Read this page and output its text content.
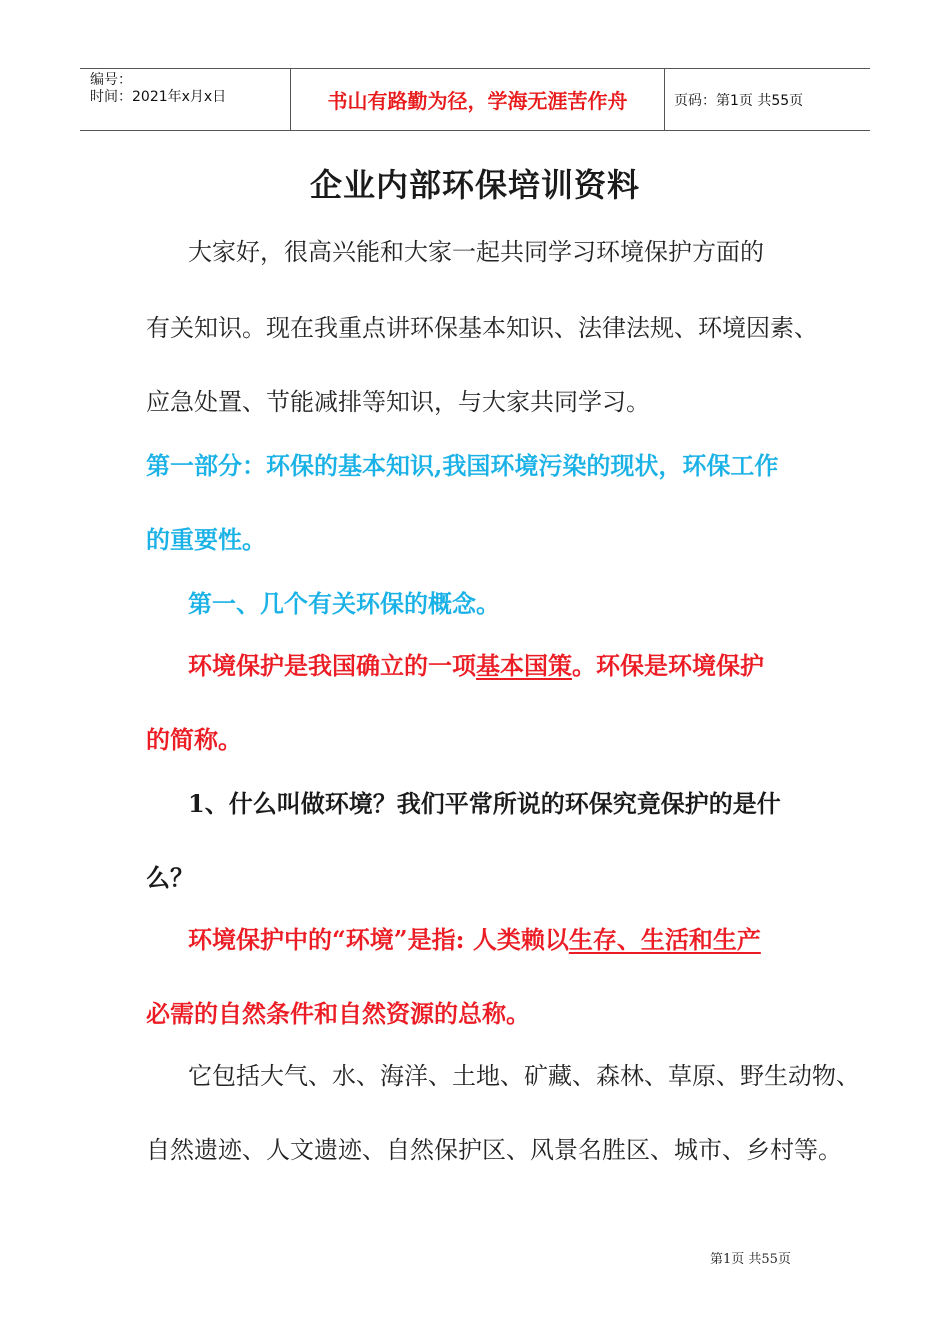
编号：
时间：2021年x月x日	书山有路勤为径，学海无涯苦作舟	页码：第1页 共55页
企业内部环保培训资料
大家好，很高兴能和大家一起共同学习环境保护方面的
有关知识。现在我重点讲环保基本知识、法律法规、环境因素、
应急处置、节能减排等知识，与大家共同学习。
第一部分：环保的基本知识,我国环境污染的现状，环保工作
的重要性。
第一、几个有关环保的概念。
环境保护是我国确立的一项基本国策。环保是环境保护
的简称。
1、什么叫做环境？我们平常所说的环保究竟保护的是什
么？
环境保护中的“环境”是指: 人类赖以生存、生活和生产
必需的自然条件和自然资源的总称。
它包括大气、水、海洋、土地、矿藏、森林、草原、野生动物、
自然遗迹、人文遗迹、自然保护区、风景名胜区、城市、乡村等。
第1页 共55页
